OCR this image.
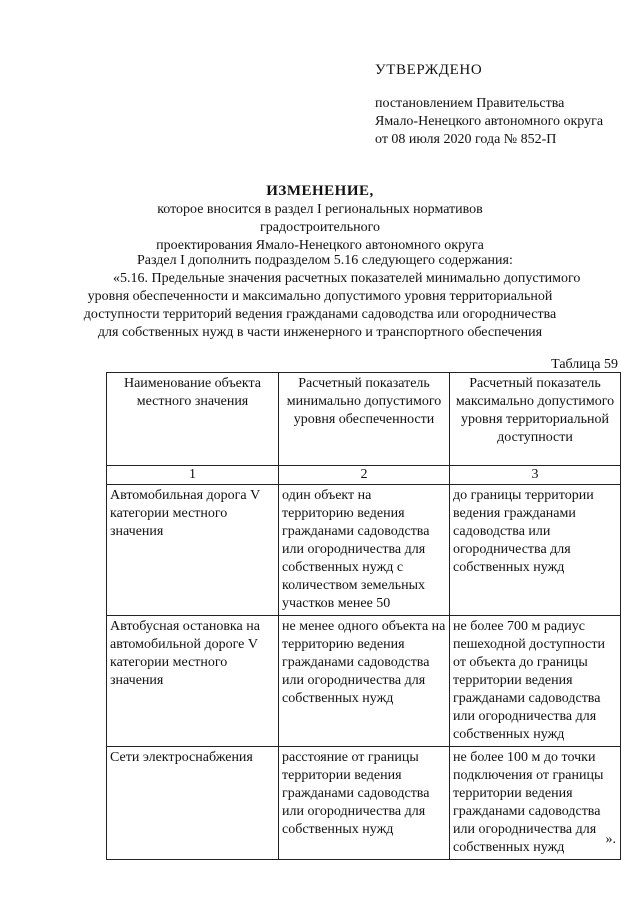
УТВЕРЖДЕНО
постановлением Правительства
Ямало-Ненецкого автономного округа
от 08 июля 2020 года № 852-П
ИЗМЕНЕНИЕ,
которое вносится в раздел I региональных нормативов градостроительного
проектирования Ямало-Ненецкого автономного округа
Раздел I дополнить подразделом 5.16 следующего содержания:
«5.16. Предельные значения расчетных показателей минимально допустимого
уровня обеспеченности и максимально допустимого уровня территориальной
доступности территорий ведения гражданами садоводства или огородничества
для собственных нужд в части инженерного и транспортного обеспечения
Таблица 59
Наименование объекта местного значения	Расчетный показатель минимально допустимого уровня обеспеченности	Расчетный показатель максимально допустимого уровня территориальной доступности
1	2	3
Автомобильная дорога V категории местного значения	один объект на территорию ведения гражданами садоводства или огородничества для собственных нужд с количеством земельных участков менее 50	до границы территории ведения гражданами садоводства или огородничества для собственных нужд
Автобусная остановка на автомобильной дороге V категории местного значения	не менее одного объекта на территорию ведения гражданами садоводства или огородничества для собственных нужд	не более 700 м радиус пешеходной доступности от объекта до границы территории ведения гражданами садоводства или огородничества для собственных нужд
Сети электроснабжения	расстояние от границы территории ведения гражданами садоводства или огородничества для собственных нужд	не более 100 м до точки подключения от границы территории ведения гражданами садоводства или огородничества для собственных нужд
».
